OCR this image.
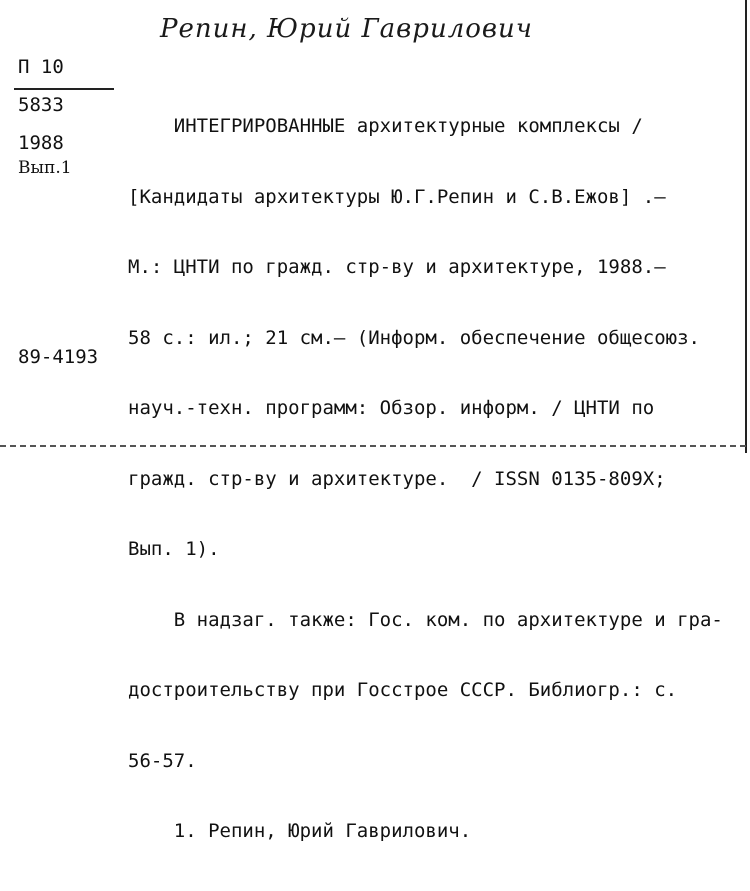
Репин, Юрий Гаврилович
П 10
5833
1988
Вып.1
89-4193

ИНТЕГРИРОВАННЫЕ архитектурные комплексы /

[Кандидаты архитектуры Ю.Г.Репин и С.В.Ежов] .–

М.: ЦНТИ по гражд. стр-ву и архитектуре, 1988.–

58 с.: ил.; 21 см.– (Информ. обеспечение общесоюз.

науч.-техн. программ: Обзор. информ. / ЦНТИ по

гражд. стр-ву и архитектуре.  / ISSN 0135-809X;

Вып. 1).

В надзаг. также: Гос. ком. по архитектуре и гра-

достроительству при Госстрое СССР. Библиогр.: с.

56-57.

1. Репин, Юрий Гаврилович.
